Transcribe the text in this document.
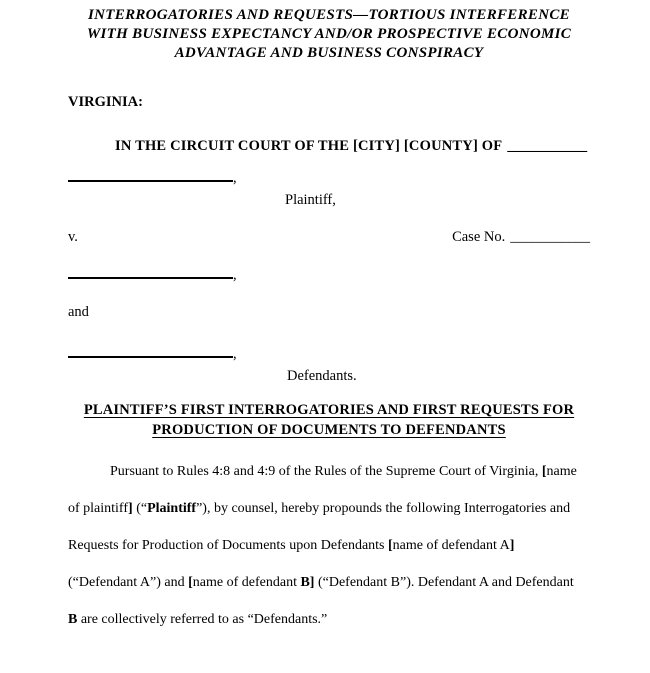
INTERROGATORIES AND REQUESTS—TORTIOUS INTERFERENCE
WITH BUSINESS EXPECTANCY AND/OR PROSPECTIVE ECONOMIC
ADVANTAGE AND BUSINESS CONSPIRACY
VIRGINIA:
IN THE CIRCUIT COURT OF THE [CITY] [COUNTY] OF ___________
,
Plaintiff,
v.	Case No. ___________
,
and
,
Defendants.
PLAINTIFF’S FIRST INTERROGATORIES AND FIRST REQUESTS FOR
PRODUCTION OF DOCUMENTS TO DEFENDANTS

Pursuant to Rules 4:8 and 4:9 of the Rules of the Supreme Court of Virginia, [name of plaintiff] (“Plaintiff”), by counsel, hereby propounds the following Interrogatories and Requests for Production of Documents upon Defendants [name of defendant A] (“Defendant A”) and [name of defendant B] (“Defendant B”). Defendant A and Defendant B are collectively referred to as “Defendants.”
